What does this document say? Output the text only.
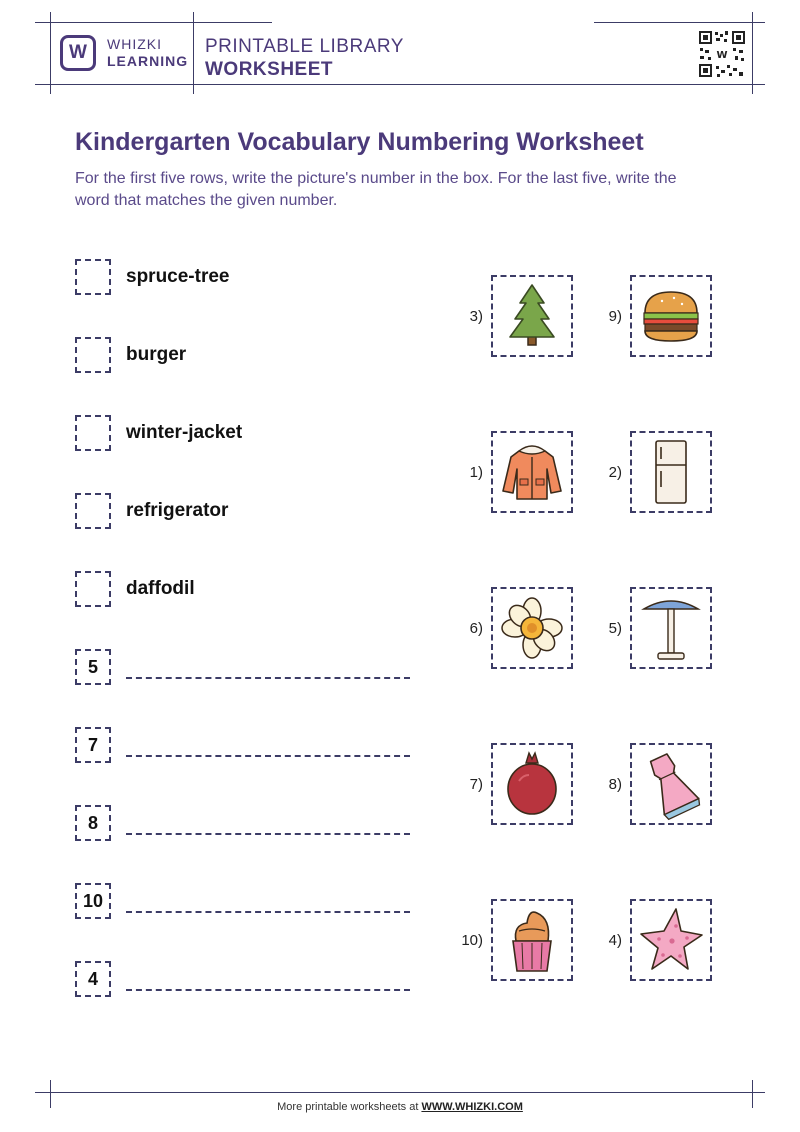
W	WHIZKI
LEARNING
PRINTABLE LIBRARY
WORKSHEET
W
Kindergarten Vocabulary Numbering Worksheet
For the first five rows, write the picture's number in the box. For the last five, write the word that matches the given number.
spruce-tree
burger
winter-jacket
refrigerator
daffodil
5
7
8
10
4
3)	9)
1)	2)
6)	5)
7)	8)
10)	4)
More printable worksheets at WWW.WHIZKI.COM
